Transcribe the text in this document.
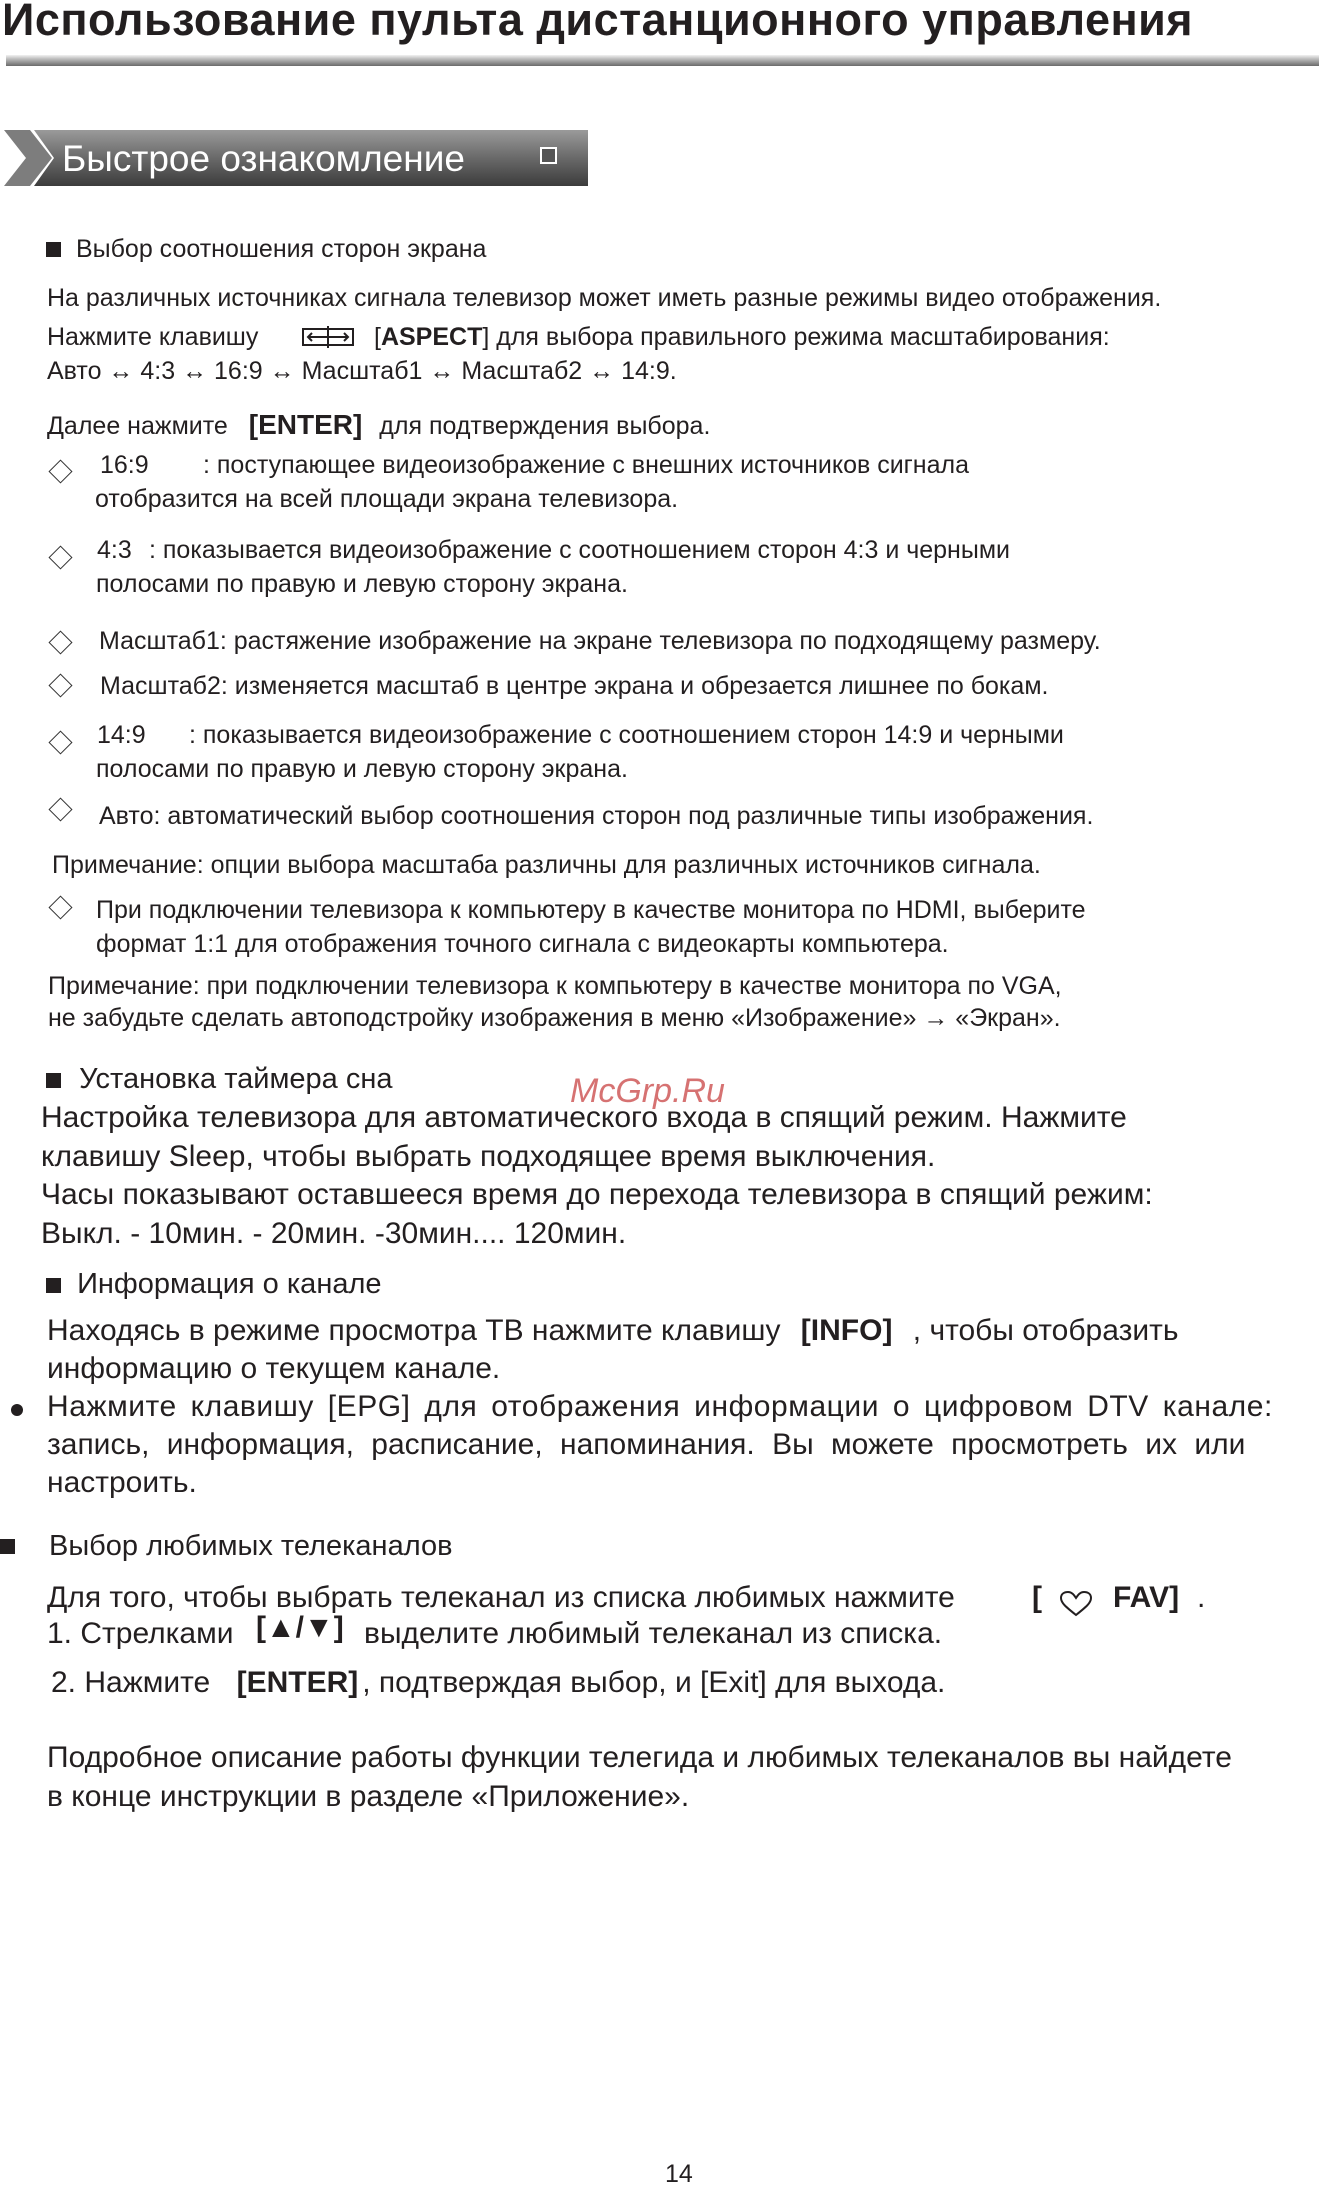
Использование пульта дистанционного управления
Быстрое ознакомление
Выбор соотношения сторон экрана
На различных источниках сигнала телевизор может иметь разные режимы видео отображения.
Нажмите клавишу	[ASPECT] для выбора правильного режима масштабирования:
Авто ↔ 4:3 ↔ 16:9 ↔ Масштаб1 ↔ Масштаб2 ↔ 14:9.
Далее нажмите [ENTER] для подтверждения выбора.
16:9 : поступающее видеоизображение с внешних источников сигнала
отобразится на всей площади экрана телевизора.
4:3 : показывается видеоизображение с соотношением сторон 4:3 и черными
полосами по правую и левую сторону экрана.
Масштаб1: растяжение изображение на экране телевизора по подходящему размеру.
Масштаб2: изменяется масштаб в центре экрана и обрезается лишнее по бокам.
14:9 : показывается видеоизображение с соотношением сторон 14:9 и черными
полосами по правую и левую сторону экрана.
Авто: автоматический выбор соотношения сторон под различные типы изображения.
Примечание: опции выбора масштаба различны для различных источников сигнала.
При подключении телевизора к компьютеру в качестве монитора по HDMI, выберите
формат 1:1 для отображения точного сигнала с видеокарты компьютера.
Примечание: при подключении телевизора к компьютеру в качестве монитора по VGA,
не забудьте сделать автоподстройку изображения в меню «Изображение» → «Экран».
Установка таймера сна	McGrp.Ru
Настройка телевизора для автоматического входа в спящий режим. Нажмите
клавишу Sleep, чтобы выбрать подходящее время выключения.
Часы показывают оставшееся время до перехода телевизора в спящий режим:
Выкл. - 10мин. - 20мин. -30мин.... 120мин.
Информация о канале
Находясь в режиме просмотра ТВ нажмите клавишу [INFO] , чтобы отобразить
информацию о текущем канале.
Нажмите клавишу [EPG] для отображения информации о цифровом DTV канале:
запись, информация, расписание, напоминания. Вы можете просмотреть их или
настроить.
Выбор любимых телеканалов
Для того, чтобы выбрать телеканал из списка любимых нажмите	[ FAV] .
1. Стрелками [▲/▼] выделите любимый телеканал из списка.
2. Нажмите [ENTER] , подтверждая выбор, и [Exit] для выхода.
Подробное описание работы функции телегида и любимых телеканалов вы найдете
в конце инструкции в разделе «Приложение».
14
